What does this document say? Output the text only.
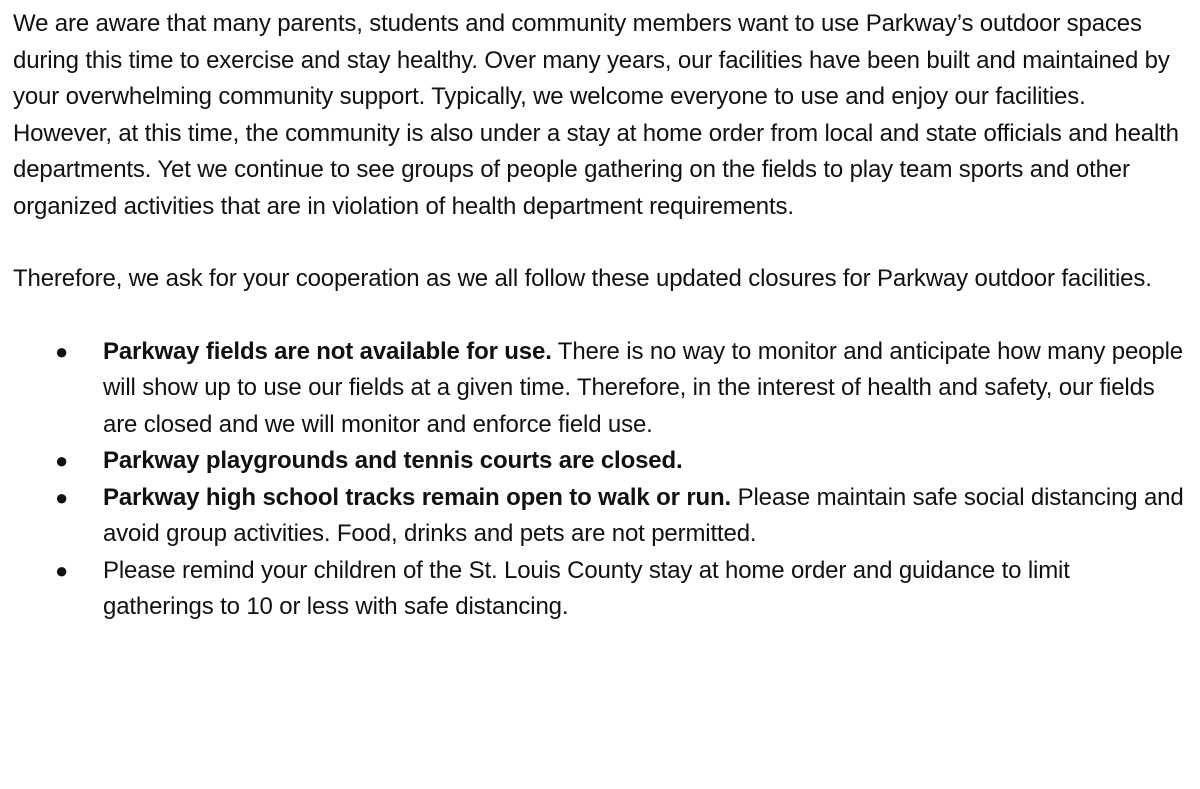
We are aware that many parents, students and community members want to use Parkway’s outdoor spaces during this time to exercise and stay healthy. Over many years, our facilities have been built and maintained by your overwhelming community support. Typically, we welcome everyone to use and enjoy our facilities. However, at this time, the community is also under a stay at home order from local and state officials and health departments. Yet we continue to see groups of people gathering on the fields to play team sports and other organized activities that are in violation of health department requirements.

Therefore, we ask for your cooperation as we all follow these updated closures for Parkway outdoor facilities.

● Parkway fields are not available for use. There is no way to monitor and anticipate how many people will show up to use our fields at a given time. Therefore, in the interest of health and safety, our fields are closed and we will monitor and enforce field use.
● Parkway playgrounds and tennis courts are closed.
● Parkway high school tracks remain open to walk or run. Please maintain safe social distancing and avoid group activities. Food, drinks and pets are not permitted.
● Please remind your children of the St. Louis County stay at home order and guidance to limit gatherings to 10 or less with safe distancing.
